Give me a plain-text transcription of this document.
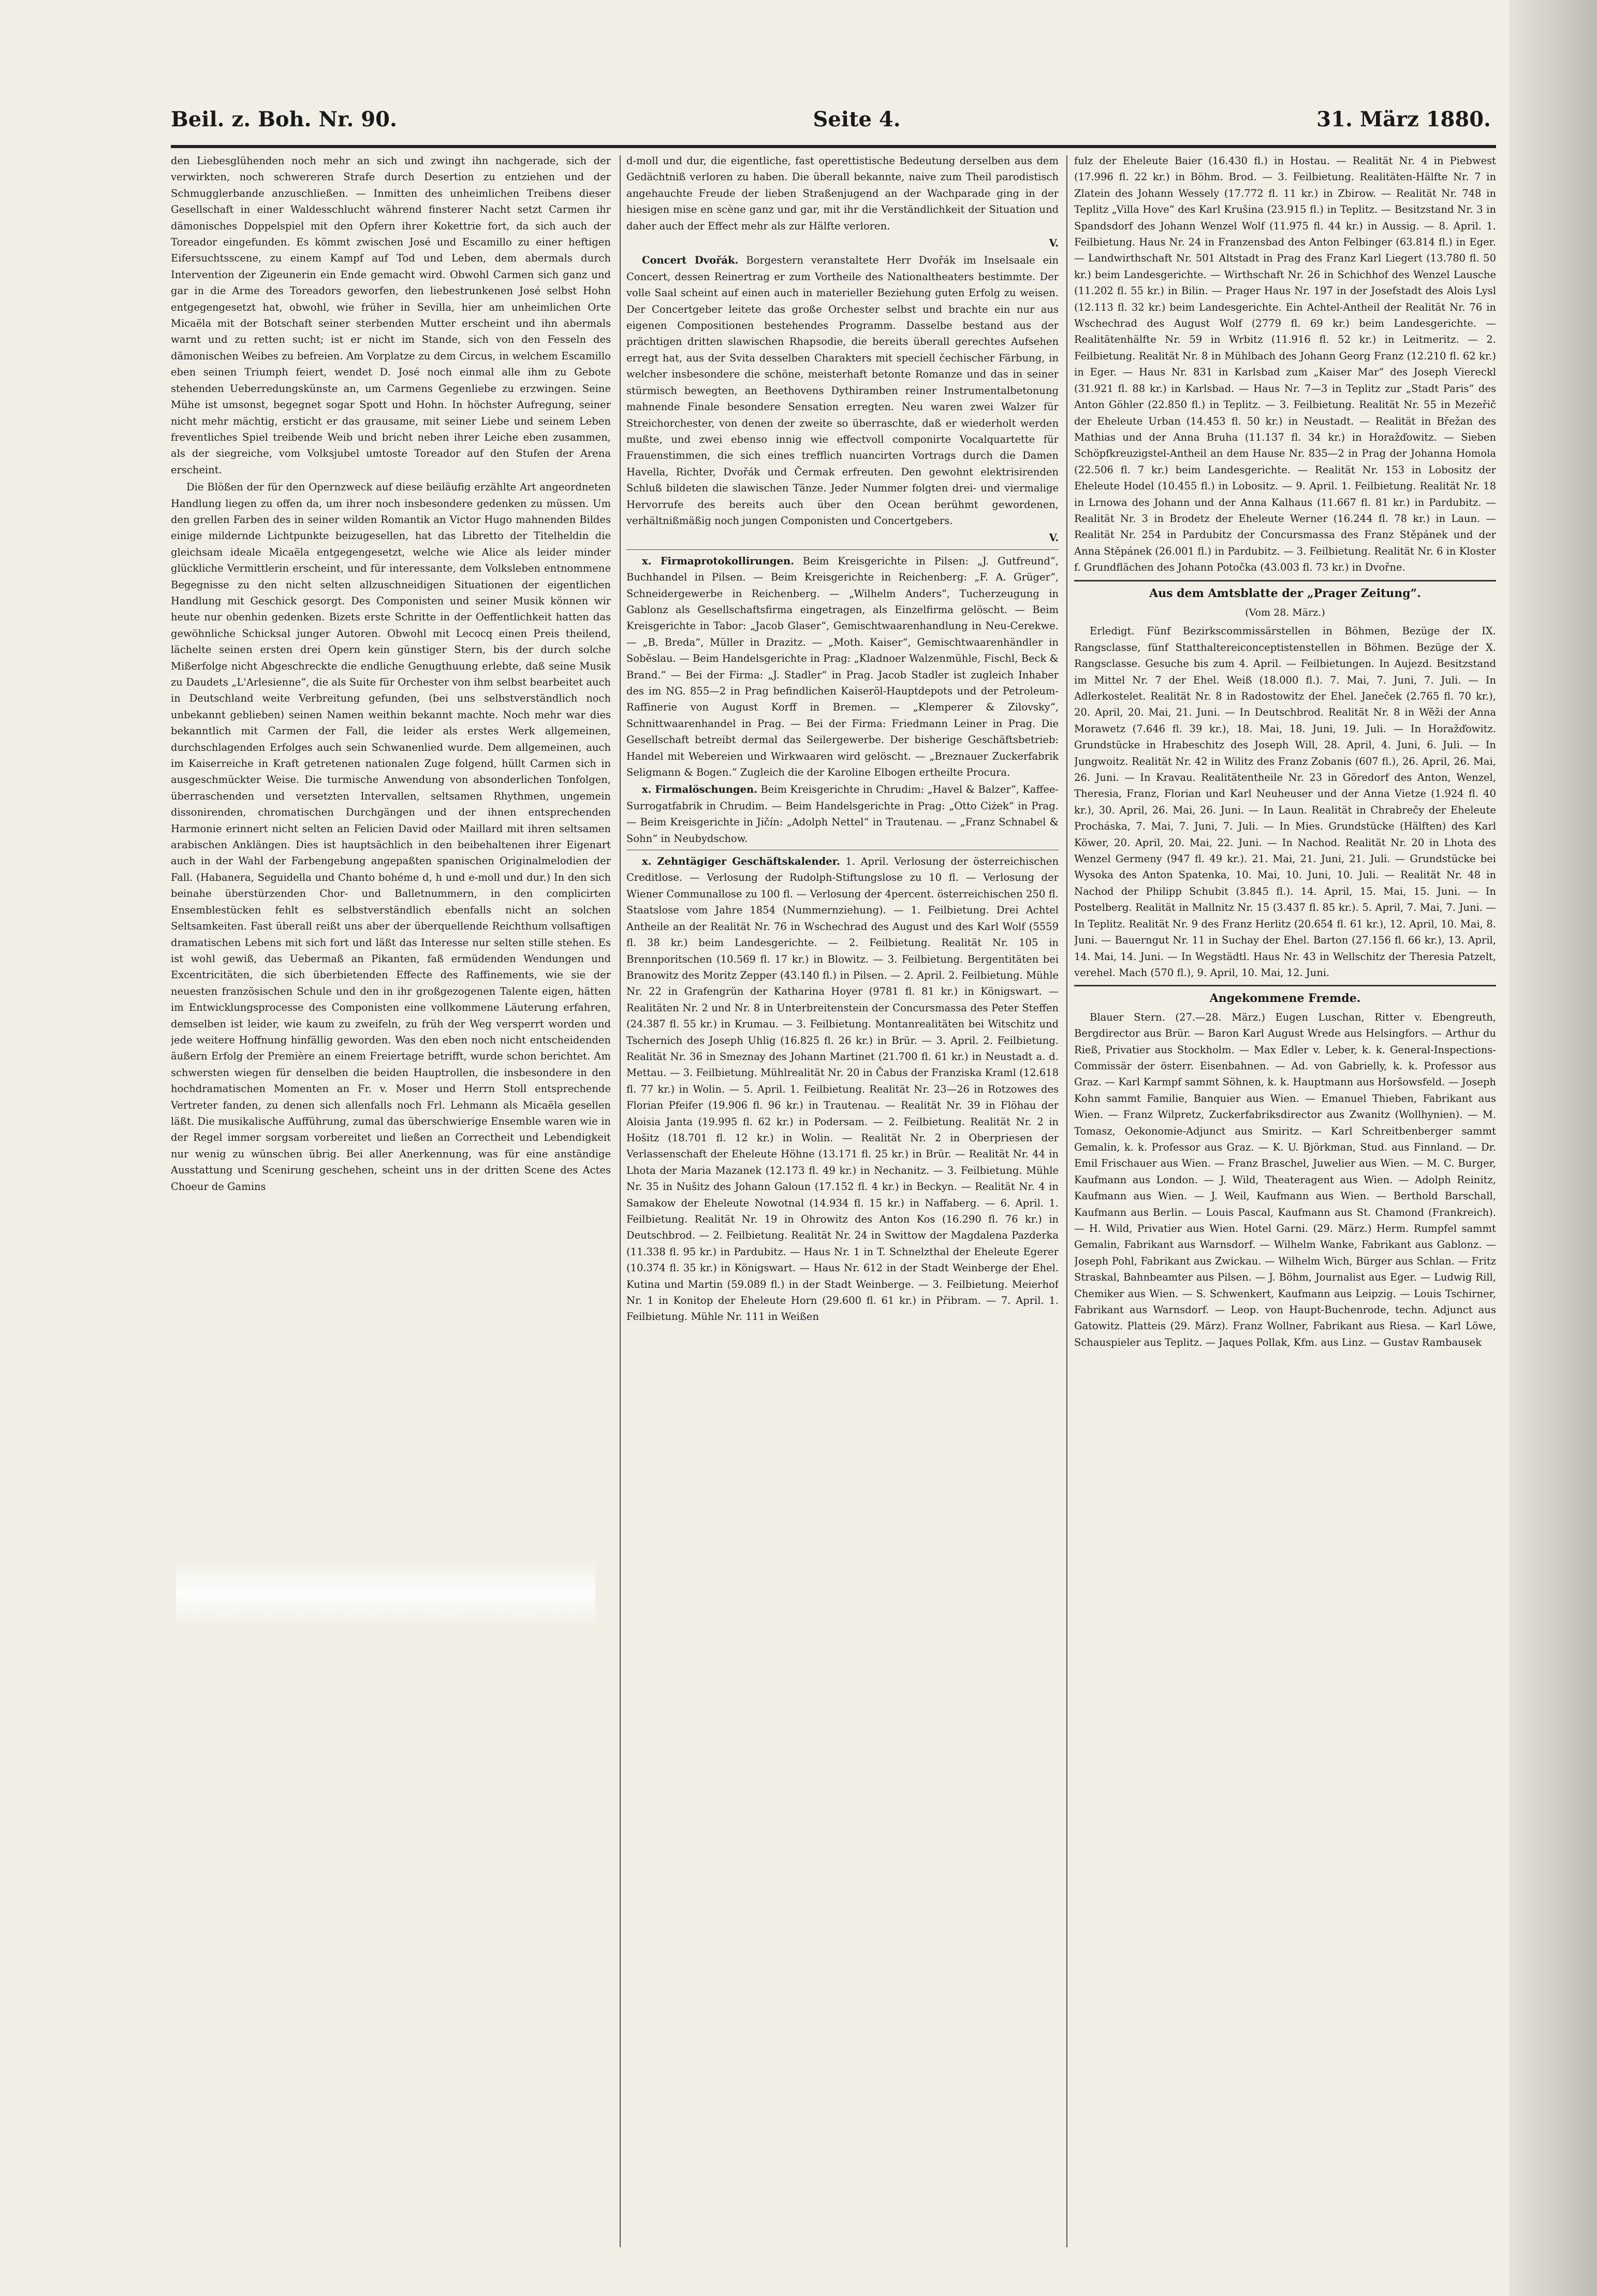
Beil. z. Boh. Nr. 90.	Seite 4.	31. März 1880.

den Liebesglühenden noch mehr an sich und zwingt ihn nachgerade, sich der verwirkten, noch schwereren Strafe durch Desertion zu entziehen und der Schmugglerbande anzuschließen. — Inmitten des unheimlichen Treibens dieser Gesellschaft in einer Waldesschlucht während finsterer Nacht setzt Carmen ihr dämonisches Doppelspiel mit den Opfern ihrer Kokettrie fort, da sich auch der Toreador eingefunden. Es kömmt zwischen José und Escamillo zu einer heftigen Eifersuchtsscene, zu einem Kampf auf Tod und Leben, dem abermals durch Intervention der Zigeunerin ein Ende gemacht wird. Obwohl Carmen sich ganz und gar in die Arme des Toreadors geworfen, den liebestrunkenen José selbst Hohn entgegengesetzt hat, obwohl, wie früher in Sevilla, hier am unheimlichen Orte Micaëla mit der Botschaft seiner sterbenden Mutter erscheint und ihn abermals warnt und zu retten sucht; ist er nicht im Stande, sich von den Fesseln des dämonischen Weibes zu befreien. Am Vorplatze zu dem Circus, in welchem Escamillo eben seinen Triumph feiert, wendet D. José noch einmal alle ihm zu Gebote stehenden Ueberredungskünste an, um Carmens Gegenliebe zu erzwingen. Seine Mühe ist umsonst, begegnet sogar Spott und Hohn. In höchster Aufregung, seiner nicht mehr mächtig, ersticht er das grausame, mit seiner Liebe und seinem Leben freventliches Spiel treibende Weib und bricht neben ihrer Leiche eben zusammen, als der siegreiche, vom Volksjubel umtoste Toreador auf den Stufen der Arena erscheint.

Die Blößen der für den Opernzweck auf diese beiläufig erzählte Art angeordneten Handlung liegen zu offen da, um ihrer noch insbesondere gedenken zu müssen. Um den grellen Farben des in seiner wilden Romantik an Victor Hugo mahnenden Bildes einige mildernde Lichtpunkte beizugesellen, hat das Libretto der Titelheldin die gleichsam ideale Micaëla entgegengesetzt, welche wie Alice als leider minder glückliche Vermittlerin erscheint, und für interessante, dem Volksleben entnommene Begegnisse zu den nicht selten allzuschneidigen Situationen der eigentlichen Handlung mit Geschick gesorgt. Des Componisten und seiner Musik können wir heute nur obenhin gedenken. Bizets erste Schritte in der Oeffentlichkeit hatten das gewöhnliche Schicksal junger Autoren. Obwohl mit Lecocq einen Preis theilend, lächelte seinen ersten drei Opern kein günstiger Stern, bis der durch solche Mißerfolge nicht Abgeschreckte die endliche Genugthuung erlebte, daß seine Musik zu Daudets „L'Arlesienne“, die als Suite für Orchester von ihm selbst bearbeitet auch in Deutschland weite Verbreitung gefunden, (bei uns selbstverständlich noch unbekannt geblieben) seinen Namen weithin bekannt machte. Noch mehr war dies bekanntlich mit Carmen der Fall, die leider als erstes Werk allgemeinen, durchschlagenden Erfolges auch sein Schwanenlied wurde. Dem allgemeinen, auch im Kaiserreiche in Kraft getretenen nationalen Zuge folgend, hüllt Carmen sich in ausgeschmückter Weise. Die turmische Anwendung von absonderlichen Tonfolgen, überraschenden und versetzten Intervallen, seltsamen Rhythmen, ungemein dissonirenden, chromatischen Durchgängen und der ihnen entsprechenden Harmonie erinnert nicht selten an Felicien David oder Maillard mit ihren seltsamen arabischen Anklängen. Dies ist hauptsächlich in den beibehaltenen ihrer Eigenart auch in der Wahl der Farbengebung angepaßten spanischen Originalmelodien der Fall. (Habanera, Seguidella und Chanto bohéme d, h und e-moll und dur.) In den sich beinahe überstürzenden Chor- und Balletnummern, in den complicirten Ensemblestücken fehlt es selbstverständlich ebenfalls nicht an solchen Seltsamkeiten. Fast überall reißt uns aber der überquellende Reichthum vollsaftigen dramatischen Lebens mit sich fort und läßt das Interesse nur selten stille stehen. Es ist wohl gewiß, das Uebermaß an Pikanten, faß ermüdenden Wendungen und Excentricitäten, die sich überbietenden Effecte des Raffinements, wie sie der neuesten französischen Schule und den in ihr großgezogenen Talente eigen, hätten im Entwicklungsprocesse des Componisten eine vollkommene Läuterung erfahren, demselben ist leider, wie kaum zu zweifeln, zu früh der Weg versperrt worden und jede weitere Hoffnung hinfällig geworden. Was den eben noch nicht entscheidenden äußern Erfolg der Première an einem Freiertage betrifft, wurde schon berichtet. Am schwersten wiegen für denselben die beiden Hauptrollen, die insbesondere in den hochdramatischen Momenten an Fr. v. Moser und Herrn Stoll entsprechende Vertreter fanden, zu denen sich allenfalls noch Frl. Lehmann als Micaëla gesellen läßt. Die musikalische Aufführung, zumal das überschwierige Ensemble waren wie in der Regel immer sorgsam vorbereitet und ließen an Correctheit und Lebendigkeit nur wenig zu wünschen übrig. Bei aller Anerkennung, was für eine anständige Ausstattung und Scenirung geschehen, scheint uns in der dritten Scene des Actes Choeur de Gamins

d-moll und dur, die eigentliche, fast operettistische Bedeutung derselben aus dem Gedächtniß verloren zu haben. Die überall bekannte, naive zum Theil parodistisch angehauchte Freude der lieben Straßenjugend an der Wachparade ging in der hiesigen mise en scène ganz und gar, mit ihr die Verständlichkeit der Situation und daher auch der Effect mehr als zur Hälfte verloren.

V.

Concert Dvořák. Borgestern veranstaltete Herr Dvořák im Inselsaale ein Concert, dessen Reinertrag er zum Vortheile des Nationaltheaters bestimmte. Der volle Saal scheint auf einen auch in materieller Beziehung guten Erfolg zu weisen. Der Concertgeber leitete das große Orchester selbst und brachte ein nur aus eigenen Compositionen bestehendes Programm. Dasselbe bestand aus der prächtigen dritten slawischen Rhapsodie, die bereits überall gerechtes Aufsehen erregt hat, aus der Svita desselben Charakters mit speciell čechischer Färbung, in welcher insbesondere die schöne, meisterhaft betonte Romanze und das in seiner stürmisch bewegten, an Beethovens Dythiramben reiner Instrumentalbetonung mahnende Finale besondere Sensation erregten. Neu waren zwei Walzer für Streichorchester, von denen der zweite so überraschte, daß er wiederholt werden mußte, und zwei ebenso innig wie effectvoll componirte Vocalquartette für Frauenstimmen, die sich eines trefflich nuancirten Vortrags durch die Damen Havella, Richter, Dvořák und Čermak erfreuten. Den gewohnt elektrisirenden Schluß bildeten die slawischen Tänze. Jeder Nummer folgten drei- und viermalige Hervorrufe des bereits auch über den Ocean berühmt gewordenen, verhältnißmäßig noch jungen Componisten und Concertgebers.

V.

x. Firmaprotokollirungen. Beim Kreisgerichte in Pilsen: „J. Gutfreund“, Buchhandel in Pilsen. — Beim Kreisgerichte in Reichenberg: „F. A. Grüger“, Schneidergewerbe in Reichenberg. — „Wilhelm Anders“, Tucherzeugung in Gablonz als Gesellschaftsfirma eingetragen, als Einzelfirma gelöscht. — Beim Kreisgerichte in Tabor: „Jacob Glaser“, Gemischtwaarenhandlung in Neu-Cerekwe. — „B. Breda“, Müller in Drazitz. — „Moth. Kaiser“, Gemischtwaarenhändler in Soběslau. — Beim Handelsgerichte in Prag: „Kladnoer Walzenmühle, Fischl, Beck & Brand.“ — Bei der Firma: „J. Stadler“ in Prag. Jacob Stadler ist zugleich Inhaber des im NG. 855—2 in Prag befindlichen Kaiseröl-Hauptdepots und der Petroleum-Raffinerie von August Korff in Bremen. — „Klemperer & Zilovsky“, Schnittwaarenhandel in Prag. — Bei der Firma: Friedmann Leiner in Prag. Die Gesellschaft betreibt dermal das Seilergewerbe. Der bisherige Geschäftsbetrieb: Handel mit Webereien und Wirkwaaren wird gelöscht. — „Breznauer Zuckerfabrik Seligmann & Bogen.“ Zugleich die der Karoline Elbogen ertheilte Procura.

x. Firmalöschungen. Beim Kreisgerichte in Chrudim: „Havel & Balzer“, Kaffee-Surrogatfabrik in Chrudim. — Beim Handelsgerichte in Prag: „Otto Ciżek“ in Prag. — Beim Kreisgerichte in Jičín: „Adolph Nettel“ in Trautenau. — „Franz Schnabel & Sohn“ in Neubydschow.

x. Zehntägiger Geschäftskalender. 1. April. Verlosung der österreichischen Creditlose. — Verlosung der Rudolph-Stiftungslose zu 10 fl. — Verlosung der Wiener Communallose zu 100 fl. — Verlosung der 4percent. österreichischen 250 fl. Staatslose vom Jahre 1854 (Nummernziehung). — 1. Feilbietung. Drei Achtel Antheile an der Realität Nr. 76 in Wschechrad des August und des Karl Wolf (5559 fl. 38 kr.) beim Landesgerichte. — 2. Feilbietung. Realität Nr. 105 in Brennporitschen (10.569 fl. 17 kr.) in Blowitz. — 3. Feilbietung. Bergentitäten bei Branowitz des Moritz Zepper (43.140 fl.) in Pilsen. — 2. April. 2. Feilbietung. Mühle Nr. 22 in Grafengrün der Katharina Hoyer (9781 fl. 81 kr.) in Königswart. — Realitäten Nr. 2 und Nr. 8 in Unterbreitenstein der Concursmassa des Peter Steffen (24.387 fl. 55 kr.) in Krumau. — 3. Feilbietung. Montanrealitäten bei Witschitz und Tschernich des Joseph Uhlig (16.825 fl. 26 kr.) in Brür. — 3. April. 2. Feilbietung. Realität Nr. 36 in Smeznay des Johann Martinet (21.700 fl. 61 kr.) in Neustadt a. d. Mettau. — 3. Feilbietung. Mühlrealität Nr. 20 in Čabus der Franziska Kraml (12.618 fl. 77 kr.) in Wolin. — 5. April. 1. Feilbietung. Realität Nr. 23—26 in Rotzowes des Florian Pfeifer (19.906 fl. 96 kr.) in Trautenau. — Realität Nr. 39 in Flöhau der Aloisia Janta (19.995 fl. 62 kr.) in Podersam. — 2. Feilbietung. Realität Nr. 2 in Hošitz (18.701 fl. 12 kr.) in Wolin. — Realität Nr. 2 in Oberpriesen der Verlassenschaft der Eheleute Höhne (13.171 fl. 25 kr.) in Brür. — Realität Nr. 44 in Lhota der Maria Mazanek (12.173 fl. 49 kr.) in Nechanitz. — 3. Feilbietung. Mühle Nr. 35 in Nušitz des Johann Galoun (17.152 fl. 4 kr.) in Beckyn. — Realität Nr. 4 in Samakow der Eheleute Nowotnal (14.934 fl. 15 kr.) in Naffaberg. — 6. April. 1. Feilbietung. Realität Nr. 19 in Ohrowitz des Anton Kos (16.290 fl. 76 kr.) in Deutschbrod. — 2. Feilbietung. Realität Nr. 24 in Swittow der Magdalena Pazderka (11.338 fl. 95 kr.) in Pardubitz. — Haus Nr. 1 in T. Schnelzthal der Eheleute Egerer (10.374 fl. 35 kr.) in Königswart. — Haus Nr. 612 in der Stadt Weinberge der Ehel. Kutina und Martin (59.089 fl.) in der Stadt Weinberge. — 3. Feilbietung. Meierhof Nr. 1 in Konitop der Eheleute Horn (29.600 fl. 61 kr.) in Přibram. — 7. April. 1. Feilbietung. Mühle Nr. 111 in Weißen

fulz der Eheleute Baier (16.430 fl.) in Hostau. — Realität Nr. 4 in Piebwest (17.996 fl. 22 kr.) in Böhm. Brod. — 3. Feilbietung. Realitäten-Hälfte Nr. 7 in Zlatein des Johann Wessely (17.772 fl. 11 kr.) in Zbirow. — Realität Nr. 748 in Teplitz „Villa Hove“ des Karl Krušina (23.915 fl.) in Teplitz. — Besitzstand Nr. 3 in Spandsdorf des Johann Wenzel Wolf (11.975 fl. 44 kr.) in Aussig. — 8. April. 1. Feilbietung. Haus Nr. 24 in Franzensbad des Anton Felbinger (63.814 fl.) in Eger. — Landwirthschaft Nr. 501 Altstadt in Prag des Franz Karl Liegert (13.780 fl. 50 kr.) beim Landesgerichte. — Wirthschaft Nr. 26 in Schichhof des Wenzel Lausche (11.202 fl. 55 kr.) in Bilin. — Prager Haus Nr. 197 in der Josefstadt des Alois Lysl (12.113 fl. 32 kr.) beim Landesgerichte. Ein Achtel-Antheil der Realität Nr. 76 in Wschechrad des August Wolf (2779 fl. 69 kr.) beim Landesgerichte. — Realitätenhälfte Nr. 59 in Wrbitz (11.916 fl. 52 kr.) in Leitmeritz. — 2. Feilbietung. Realität Nr. 8 in Mühlbach des Johann Georg Franz (12.210 fl. 62 kr.) in Eger. — Haus Nr. 831 in Karlsbad zum „Kaiser Mar“ des Joseph Viereckl (31.921 fl. 88 kr.) in Karlsbad. — Haus Nr. 7—3 in Teplitz zur „Stadt Paris“ des Anton Göhler (22.850 fl.) in Teplitz. — 3. Feilbietung. Realität Nr. 55 in Mezeřič der Eheleute Urban (14.453 fl. 50 kr.) in Neustadt. — Realität in Břežan des Mathias und der Anna Bruha (11.137 fl. 34 kr.) in Horažďowitz. — Sieben Schöpfkreuzigstel-Antheil an dem Hause Nr. 835—2 in Prag der Johanna Homola (22.506 fl. 7 kr.) beim Landesgerichte. — Realität Nr. 153 in Lobositz der Eheleute Hodel (10.455 fl.) in Lobositz. — 9. April. 1. Feilbietung. Realität Nr. 18 in Lrnowa des Johann und der Anna Kalhaus (11.667 fl. 81 kr.) in Pardubitz. — Realität Nr. 3 in Brodetz der Eheleute Werner (16.244 fl. 78 kr.) in Laun. — Realität Nr. 254 in Pardubitz der Concursmassa des Franz Stěpánek und der Anna Stěpánek (26.001 fl.) in Pardubitz. — 3. Feilbietung. Realität Nr. 6 in Kloster f. Grundflächen des Johann Potočka (43.003 fl. 73 kr.) in Dvořne.

Aus dem Amtsblatte der „Prager Zeitung“.
(Vom 28. März.)

Erledigt. Fünf Bezirkscommissärstellen in Böhmen, Bezüge der IX. Rangsclasse, fünf Statthaltereiconceptistenstellen in Böhmen. Bezüge der X. Rangsclasse. Gesuche bis zum 4. April. — Feilbietungen. In Aujezd. Besitzstand im Mittel Nr. 7 der Ehel. Weiß (18.000 fl.). 7. Mai, 7. Juni, 7. Juli. — In Adlerkostelet. Realität Nr. 8 in Radostowitz der Ehel. Janeček (2.765 fl. 70 kr.), 20. April, 20. Mai, 21. Juni. — In Deutschbrod. Realität Nr. 8 in Wěži der Anna Morawetz (7.646 fl. 39 kr.), 18. Mai, 18. Juni, 19. Juli. — In Horažďowitz. Grundstücke in Hrabeschitz des Joseph Will, 28. April, 4. Juni, 6. Juli. — In Jungwoitz. Realität Nr. 42 in Wilitz des Franz Zobanis (607 fl.), 26. April, 26. Mai, 26. Juni. — In Kravau. Realitätentheile Nr. 23 in Göredorf des Anton, Wenzel, Theresia, Franz, Florian und Karl Neuheuser und der Anna Vietze (1.924 fl. 40 kr.), 30. April, 26. Mai, 26. Juni. — In Laun. Realität in Chrabrečy der Eheleute Procháska, 7. Mai, 7. Juni, 7. Juli. — In Mies. Grundstücke (Hälften) des Karl Köwer, 20. April, 20. Mai, 22. Juni. — In Nachod. Realität Nr. 20 in Lhota des Wenzel Germeny (947 fl. 49 kr.). 21. Mai, 21. Juni, 21. Juli. — Grundstücke bei Wysoka des Anton Spatenka, 10. Mai, 10. Juni, 10. Juli. — Realität Nr. 48 in Nachod der Philipp Schubit (3.845 fl.). 14. April, 15. Mai, 15. Juni. — In Postelberg. Realität in Mallnitz Nr. 15 (3.437 fl. 85 kr.). 5. April, 7. Mai, 7. Juni. — In Teplitz. Realität Nr. 9 des Franz Herlitz (20.654 fl. 61 kr.), 12. April, 10. Mai, 8. Juni. — Bauerngut Nr. 11 in Suchay der Ehel. Barton (27.156 fl. 66 kr.), 13. April, 14. Mai, 14. Juni. — In Wegstädtl. Haus Nr. 43 in Wellschitz der Theresia Patzelt, verehel. Mach (570 fl.), 9. April, 10. Mai, 12. Juni.

Angekommene Fremde.

Blauer Stern. (27.—28. März.) Eugen Luschan, Ritter v. Ebengreuth, Bergdirector aus Brür. — Baron Karl August Wrede aus Helsingfors. — Arthur du Rieß, Privatier aus Stockholm. — Max Edler v. Leber, k. k. General-Inspections-Commissär der österr. Eisenbahnen. — Ad. von Gabrielly, k. k. Professor aus Graz. — Karl Karmpf sammt Söhnen, k. k. Hauptmann aus Horšowsfeld. — Joseph Kohn sammt Familie, Banquier aus Wien. — Emanuel Thieben, Fabrikant aus Wien. — Franz Wilpretz, Zuckerfabriksdirector aus Zwanitz (Wollhynien). — M. Tomasz, Oekonomie-Adjunct aus Smiritz. — Karl Schreitbenberger sammt Gemalin, k. k. Professor aus Graz. — K. U. Björkman, Stud. aus Finnland. — Dr. Emil Frischauer aus Wien. — Franz Braschel, Juwelier aus Wien. — M. C. Burger, Kaufmann aus London. — J. Wild, Theateragent aus Wien. — Adolph Reinitz, Kaufmann aus Wien. — J. Weil, Kaufmann aus Wien. — Berthold Barschall, Kaufmann aus Berlin. — Louis Pascal, Kaufmann aus St. Chamond (Frankreich). — H. Wild, Privatier aus Wien. Hotel Garni. (29. März.) Herm. Rumpfel sammt Gemalin, Fabrikant aus Warnsdorf. — Wilhelm Wanke, Fabrikant aus Gablonz. — Joseph Pohl, Fabrikant aus Zwickau. — Wilhelm Wich, Bürger aus Schlan. — Fritz Straskal, Bahnbeamter aus Pilsen. — J. Böhm, Journalist aus Eger. — Ludwig Rill, Chemiker aus Wien. — S. Schwenkert, Kaufmann aus Leipzig. — Louis Tschirner, Fabrikant aus Warnsdorf. — Leop. von Haupt-Buchenrode, techn. Adjunct aus Gatowitz. Platteis (29. März). Franz Wollner, Fabrikant aus Riesa. — Karl Löwe, Schauspieler aus Teplitz. — Jaques Pollak, Kfm. aus Linz. — Gustav Rambausek
